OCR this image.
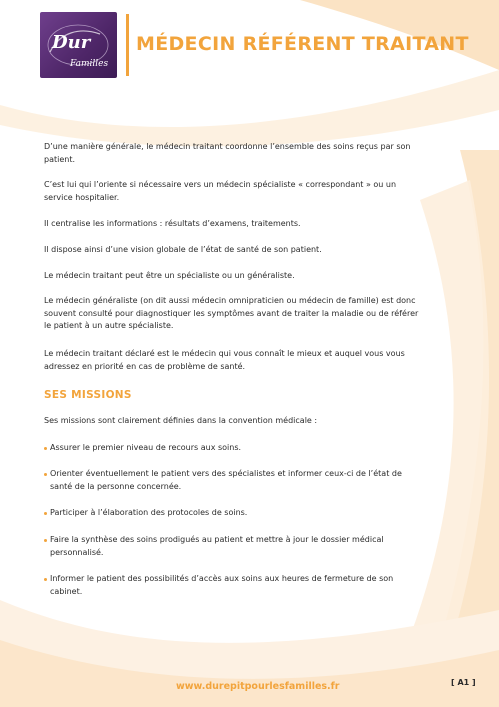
Dur
Familles
MÉDECIN RÉFÉRENT TRAITANT

D’une manière générale, le médecin traitant coordonne l’ensemble des soins reçus par son patient.

C’est lui qui l’oriente si nécessaire vers un médecin spécialiste « correspondant » ou un service hospitalier.

Il centralise les informations : résultats d’examens, traitements.

Il dispose ainsi d’une vision globale de l’état de santé de son patient.

Le médecin traitant peut être un spécialiste ou un généraliste.

Le médecin généraliste (on dit aussi médecin omnipraticien ou médecin de famille) est donc souvent consulté pour diagnostiquer les symptômes avant de traiter la maladie ou de référer le patient à un autre spécialiste.

Le médecin traitant déclaré est le médecin qui vous connaît le mieux et auquel vous vous adressez en priorité en cas de problème de santé.

Ses missions sont clairement définies dans la convention médicale :

Assurer le premier niveau de recours aux soins.
Orienter éventuellement le patient vers des spécialistes et informer ceux-ci de l’état de santé de la personne concernée.
Participer à l’élaboration des protocoles de soins.
Faire la synthèse des soins prodigués au patient et mettre à jour le dossier médical personnalisé.
Informer le patient des possibilités d’accès aux soins aux heures de fermeture de son cabinet.
SES MISSIONS
www.durepitpourlesfamilles.fr	[ A1 ]
